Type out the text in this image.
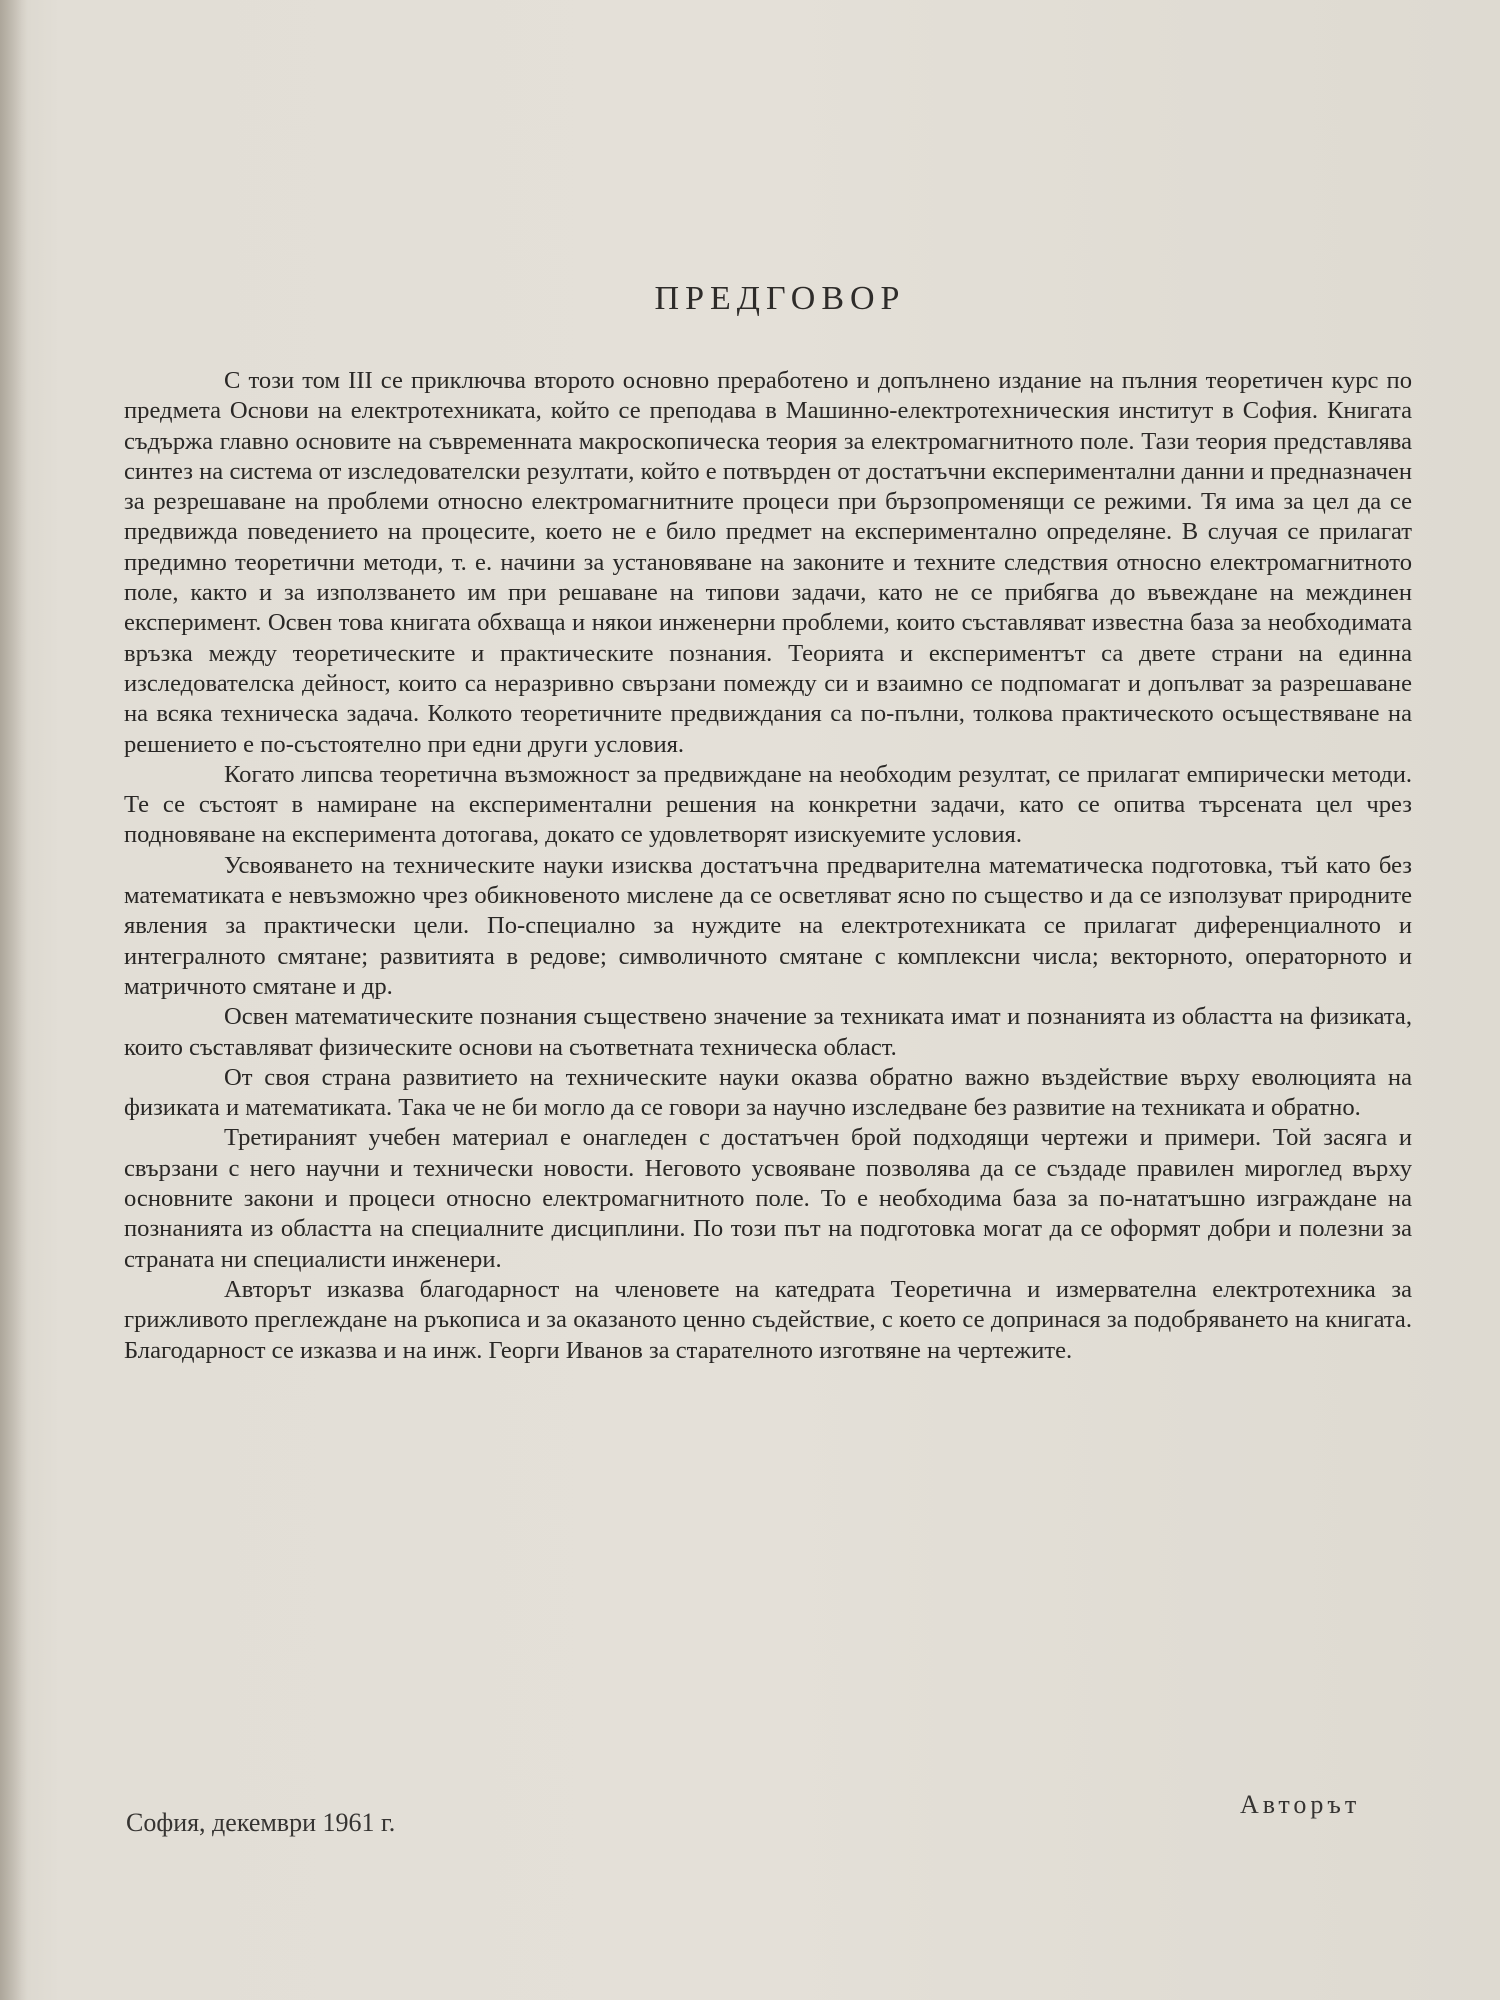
ПРЕДГОВОР

С този том III се приключва второто основно преработено и допълнено издание на пълния теоретичен курс по предмета Основи на електротехниката, който се преподава в Машинно-електротехническия институт в София. Книгата съдържа главно основите на съвременната макроскопическа теория за електромагнитното поле. Тази теория представлява синтез на система от изследователски резултати, който е потвърден от достатъчни експериментални данни и предназначен за резрешаване на проблеми относно електромагнитните процеси при бързопроменящи се режими. Тя има за цел да се предвижда поведението на процесите, което не е било предмет на експериментално определяне. В случая се прилагат предимно теоретични методи, т. е. начини за установяване на законите и техните следствия относно електромагнитното поле, както и за използването им при решаване на типови задачи, като не се прибягва до въвеждане на междинен експеримент. Освен това книгата обхваща и някои инженерни проблеми, които съставляват известна база за необходимата връзка между теоретическите и практическите познания. Теорията и експериментът са двете страни на единна изследователска дейност, които са неразривно свързани помежду си и взаимно се подпомагат и допълват за разрешаване на всяка техническа задача. Колкото теоретичните предвиждания са по-пълни, толкова практическото осъществяване на решението е по-състоятелно при едни други условия.

Когато липсва теоретична възможност за предвиждане на необходим резултат, се прилагат емпирически методи. Те се състоят в намиране на експериментални решения на конкретни задачи, като се опитва търсената цел чрез подновяване на експеримента дотогава, докато се удовлетворят изискуемите условия.

Усвояването на техническите науки изисква достатъчна предварителна математическа подготовка, тъй като без математиката е невъзможно чрез обикновеното мислене да се осветляват ясно по същество и да се използуват природните явления за практически цели. По-специално за нуждите на електротехниката се прилагат диференциалното и интегралното смятане; развитията в редове; символичното смятане с комплексни числа; векторното, операторното и матричното смятане и др.

Освен математическите познания съществено значение за техниката имат и познанията из областта на физиката, които съставляват физическите основи на съответната техническа област.

От своя страна развитието на техническите науки оказва обратно важно въздействие върху еволюцията на физиката и математиката. Така че не би могло да се говори за научно изследване без развитие на техниката и обратно.

Третираният учебен материал е онагледен с достатъчен брой подходящи чертежи и примери. Той засяга и свързани с него научни и технически новости. Неговото усвояване позволява да се създаде правилен мироглед върху основните закони и процеси относно електромагнитното поле. То е необходима база за по-нататъшно изграждане на познанията из областта на специалните дисциплини. По този път на подготовка могат да се оформят добри и полезни за страната ни специалисти инженери.

Авторът изказва благодарност на членовете на катедрата Теоретична и измервателна електротехника за грижливото преглеждане на ръкописа и за оказаното ценно съдействие, с което се допринася за подобряването на книгата. Благодарност се изказва и на инж. Георги Иванов за старателното изготвяне на чертежите.

София, декември 1961 г.
Авторът
